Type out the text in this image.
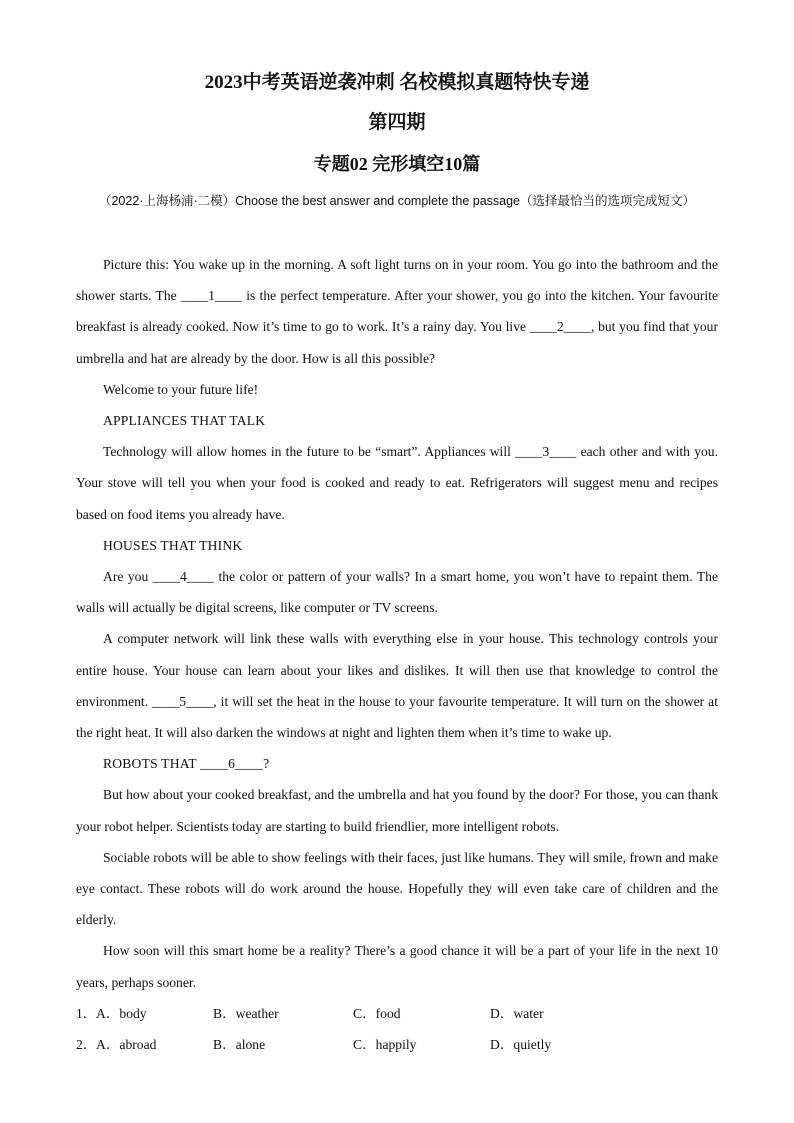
2023中考英语逆袭冲刺 名校模拟真题特快专递
第四期
专题02 完形填空10篇
（2022·上海杨浦·二模）Choose the best answer and complete the passage（选择最恰当的选项完成短文）

Picture this: You wake up in the morning. A soft light turns on in your room. You go into the bathroom and the shower starts. The ____1____ is the perfect temperature. After your shower, you go into the kitchen. Your favourite breakfast is already cooked. Now it’s time to go to work. It’s a rainy day. You live ____2____, but you find that your umbrella and hat are already by the door. How is all this possible?

Welcome to your future life!

APPLIANCES THAT TALK

Technology will allow homes in the future to be “smart”. Appliances will ____3____ each other and with you. Your stove will tell you when your food is cooked and ready to eat. Refrigerators will suggest menu and recipes based on food items you already have.

HOUSES THAT THINK

Are you ____4____ the color or pattern of your walls? In a smart home, you won’t have to repaint them. The walls will actually be digital screens, like computer or TV screens.

A computer network will link these walls with everything else in your house. This technology controls your entire house. Your house can learn about your likes and dislikes. It will then use that knowledge to control the environment. ____5____, it will set the heat in the house to your favourite temperature. It will turn on the shower at the right heat. It will also darken the windows at night and lighten them when it’s time to wake up.

ROBOTS THAT ____6____?

But how about your cooked breakfast, and the umbrella and hat you found by the door? For those, you can thank your robot helper. Scientists today are starting to build friendlier, more intelligent robots.

Sociable robots will be able to show feelings with their faces, just like humans. They will smile, frown and make eye contact. These robots will do work around the house. Hopefully they will even take care of children and the elderly.

How soon will this smart home be a reality? There’s a good chance it will be a part of your life in the next 10 years, perhaps sooner.

1． A．body	B．weather	C．food	D．water
2． A．abroad	B．alone	C．happily	D．quietly
